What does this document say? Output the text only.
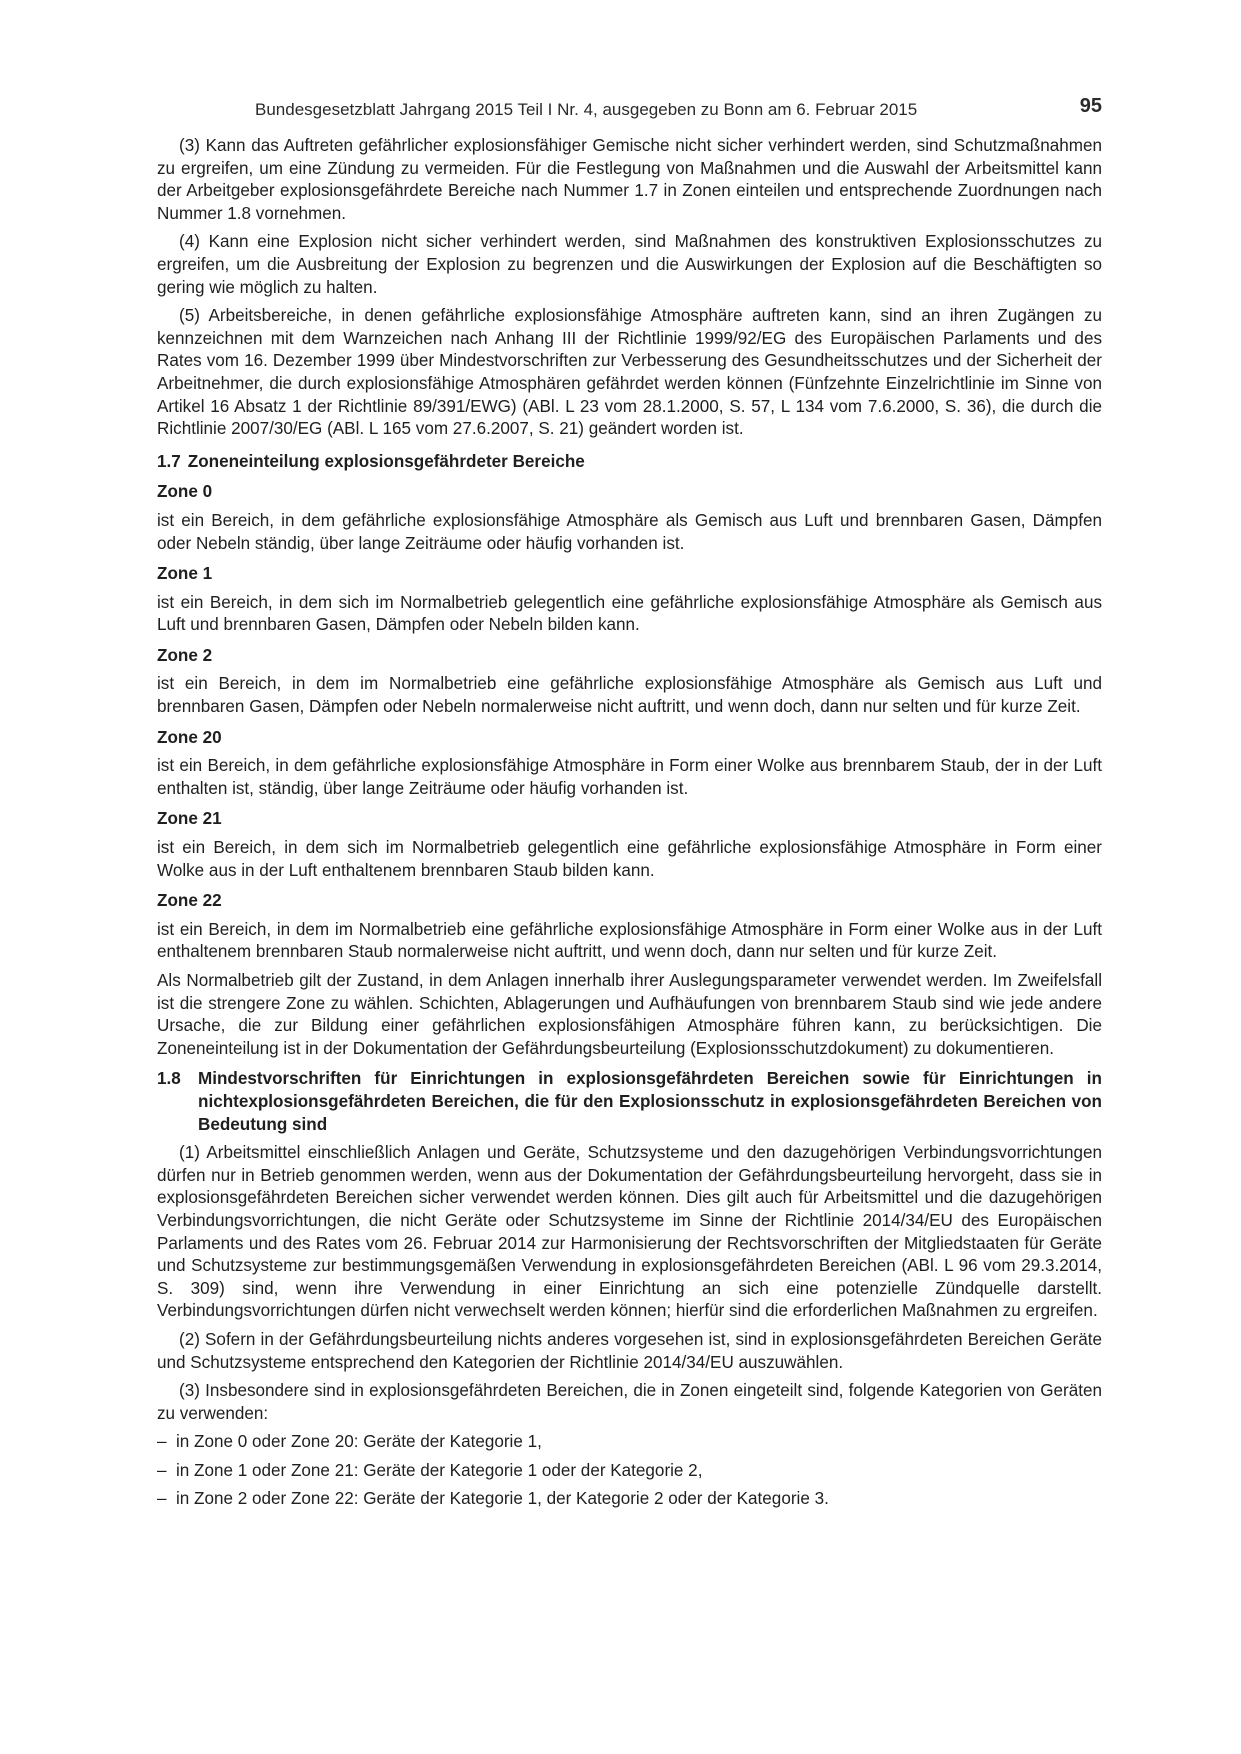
Bundesgesetzblatt Jahrgang 2015 Teil I Nr. 4, ausgegeben zu Bonn am 6. Februar 2015	95

(3) Kann das Auftreten gefährlicher explosionsfähiger Gemische nicht sicher verhindert werden, sind Schutzmaßnahmen zu ergreifen, um eine Zündung zu vermeiden. Für die Festlegung von Maßnahmen und die Auswahl der Arbeitsmittel kann der Arbeitgeber explosionsgefährdete Bereiche nach Nummer 1.7 in Zonen einteilen und entsprechende Zuordnungen nach Nummer 1.8 vornehmen.

(4) Kann eine Explosion nicht sicher verhindert werden, sind Maßnahmen des konstruktiven Explosionsschutzes zu ergreifen, um die Ausbreitung der Explosion zu begrenzen und die Auswirkungen der Explosion auf die Beschäftigten so gering wie möglich zu halten.

(5) Arbeitsbereiche, in denen gefährliche explosionsfähige Atmosphäre auftreten kann, sind an ihren Zugängen zu kennzeichnen mit dem Warnzeichen nach Anhang III der Richtlinie 1999/92/EG des Europäischen Parlaments und des Rates vom 16. Dezember 1999 über Mindestvorschriften zur Verbesserung des Gesundheitsschutzes und der Sicherheit der Arbeitnehmer, die durch explosionsfähige Atmosphären gefährdet werden können (Fünfzehnte Einzelrichtlinie im Sinne von Artikel 16 Absatz 1 der Richtlinie 89/391/EWG) (ABl. L 23 vom 28.1.2000, S. 57, L 134 vom 7.6.2000, S. 36), die durch die Richtlinie 2007/30/EG (ABl. L 165 vom 27.6.2007, S. 21) geändert worden ist.

1.7 Zoneneinteilung explosionsgefährdeter Bereiche
Zone 0

ist ein Bereich, in dem gefährliche explosionsfähige Atmosphäre als Gemisch aus Luft und brennbaren Gasen, Dämpfen oder Nebeln ständig, über lange Zeiträume oder häufig vorhanden ist.

Zone 1

ist ein Bereich, in dem sich im Normalbetrieb gelegentlich eine gefährliche explosionsfähige Atmosphäre als Gemisch aus Luft und brennbaren Gasen, Dämpfen oder Nebeln bilden kann.

Zone 2

ist ein Bereich, in dem im Normalbetrieb eine gefährliche explosionsfähige Atmosphäre als Gemisch aus Luft und brennbaren Gasen, Dämpfen oder Nebeln normalerweise nicht auftritt, und wenn doch, dann nur selten und für kurze Zeit.

Zone 20

ist ein Bereich, in dem gefährliche explosionsfähige Atmosphäre in Form einer Wolke aus brennbarem Staub, der in der Luft enthalten ist, ständig, über lange Zeiträume oder häufig vorhanden ist.

Zone 21

ist ein Bereich, in dem sich im Normalbetrieb gelegentlich eine gefährliche explosionsfähige Atmosphäre in Form einer Wolke aus in der Luft enthaltenem brennbaren Staub bilden kann.

Zone 22

ist ein Bereich, in dem im Normalbetrieb eine gefährliche explosionsfähige Atmosphäre in Form einer Wolke aus in der Luft enthaltenem brennbaren Staub normalerweise nicht auftritt, und wenn doch, dann nur selten und für kurze Zeit.

Als Normalbetrieb gilt der Zustand, in dem Anlagen innerhalb ihrer Auslegungsparameter verwendet werden. Im Zweifelsfall ist die strengere Zone zu wählen. Schichten, Ablagerungen und Aufhäufungen von brennbarem Staub sind wie jede andere Ursache, die zur Bildung einer gefährlichen explosionsfähigen Atmosphäre führen kann, zu berücksichtigen. Die Zoneneinteilung ist in der Dokumentation der Gefährdungsbeurteilung (Explosionsschutzdokument) zu dokumentieren.

1.8	Mindestvorschriften für Einrichtungen in explosionsgefährdeten Bereichen sowie für Einrichtungen in nichtexplosionsgefährdeten Bereichen, die für den Explosionsschutz in explosionsgefährdeten Bereichen von Bedeutung sind

(1) Arbeitsmittel einschließlich Anlagen und Geräte, Schutzsysteme und den dazugehörigen Verbindungsvorrichtungen dürfen nur in Betrieb genommen werden, wenn aus der Dokumentation der Gefährdungsbeurteilung hervorgeht, dass sie in explosionsgefährdeten Bereichen sicher verwendet werden können. Dies gilt auch für Arbeitsmittel und die dazugehörigen Verbindungsvorrichtungen, die nicht Geräte oder Schutzsysteme im Sinne der Richtlinie 2014/34/EU des Europäischen Parlaments und des Rates vom 26. Februar 2014 zur Harmonisierung der Rechtsvorschriften der Mitgliedstaaten für Geräte und Schutzsysteme zur bestimmungsgemäßen Verwendung in explosionsgefährdeten Bereichen (ABl. L 96 vom 29.3.2014, S. 309) sind, wenn ihre Verwendung in einer Einrichtung an sich eine potenzielle Zündquelle darstellt. Verbindungsvorrichtungen dürfen nicht verwechselt werden können; hierfür sind die erforderlichen Maßnahmen zu ergreifen.

(2) Sofern in der Gefährdungsbeurteilung nichts anderes vorgesehen ist, sind in explosionsgefährdeten Bereichen Geräte und Schutzsysteme entsprechend den Kategorien der Richtlinie 2014/34/EU auszuwählen.

(3) Insbesondere sind in explosionsgefährdeten Bereichen, die in Zonen eingeteilt sind, folgende Kategorien von Geräten zu verwenden:

– in Zone 0 oder Zone 20: Geräte der Kategorie 1,
– in Zone 1 oder Zone 21: Geräte der Kategorie 1 oder der Kategorie 2,
– in Zone 2 oder Zone 22: Geräte der Kategorie 1, der Kategorie 2 oder der Kategorie 3.
